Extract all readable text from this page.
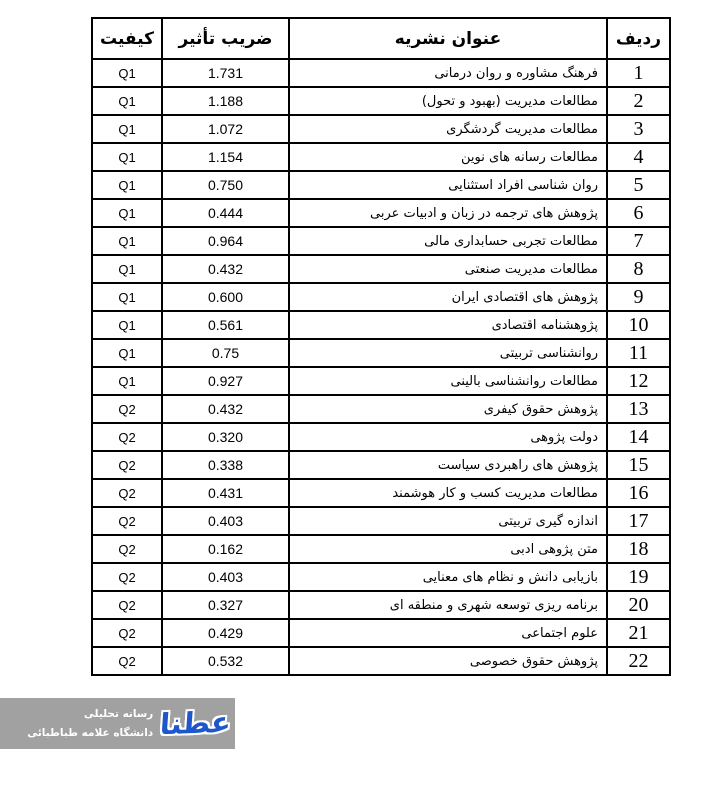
ردیف	عنوان نشریه	ضریب تأثیر	کیفیت
1	فرهنگ مشاوره و روان درمانی	1.731	Q1
2	مطالعات مدیریت (بهبود و تحول)	1.188	Q1
3	مطالعات مدیریت گردشگری	1.072	Q1
4	مطالعات رسانه های نوین	1.154	Q1
5	روان شناسی افراد استثنایی	0.750	Q1
6	پژوهش های ترجمه در زبان و ادبیات عربی	0.444	Q1
7	مطالعات تجربی حسابداری مالی	0.964	Q1
8	مطالعات مدیریت صنعتی	0.432	Q1
9	پژوهش های اقتصادی ایران	0.600	Q1
10	پژوهشنامه اقتصادی	0.561	Q1
11	روانشناسی تربیتی	0.75	Q1
12	مطالعات روانشناسی بالینی	0.927	Q1
13	پژوهش حقوق کیفری	0.432	Q2
14	دولت پژوهی	0.320	Q2
15	پژوهش های راهبردی سیاست	0.338	Q2
16	مطالعات مدیریت کسب و کار هوشمند	0.431	Q2
17	اندازه گیری تربیتی	0.403	Q2
18	متن پژوهی ادبی	0.162	Q2
19	بازیابی دانش و نظام های معنایی	0.403	Q2
20	برنامه ریزی توسعه شهری و منطقه ای	0.327	Q2
21	علوم اجتماعی	0.429	Q2
22	پژوهش حقوق خصوصی	0.532	Q2
عطنا
رسانه تحلیلی
دانشگاه علامه طباطبائی
